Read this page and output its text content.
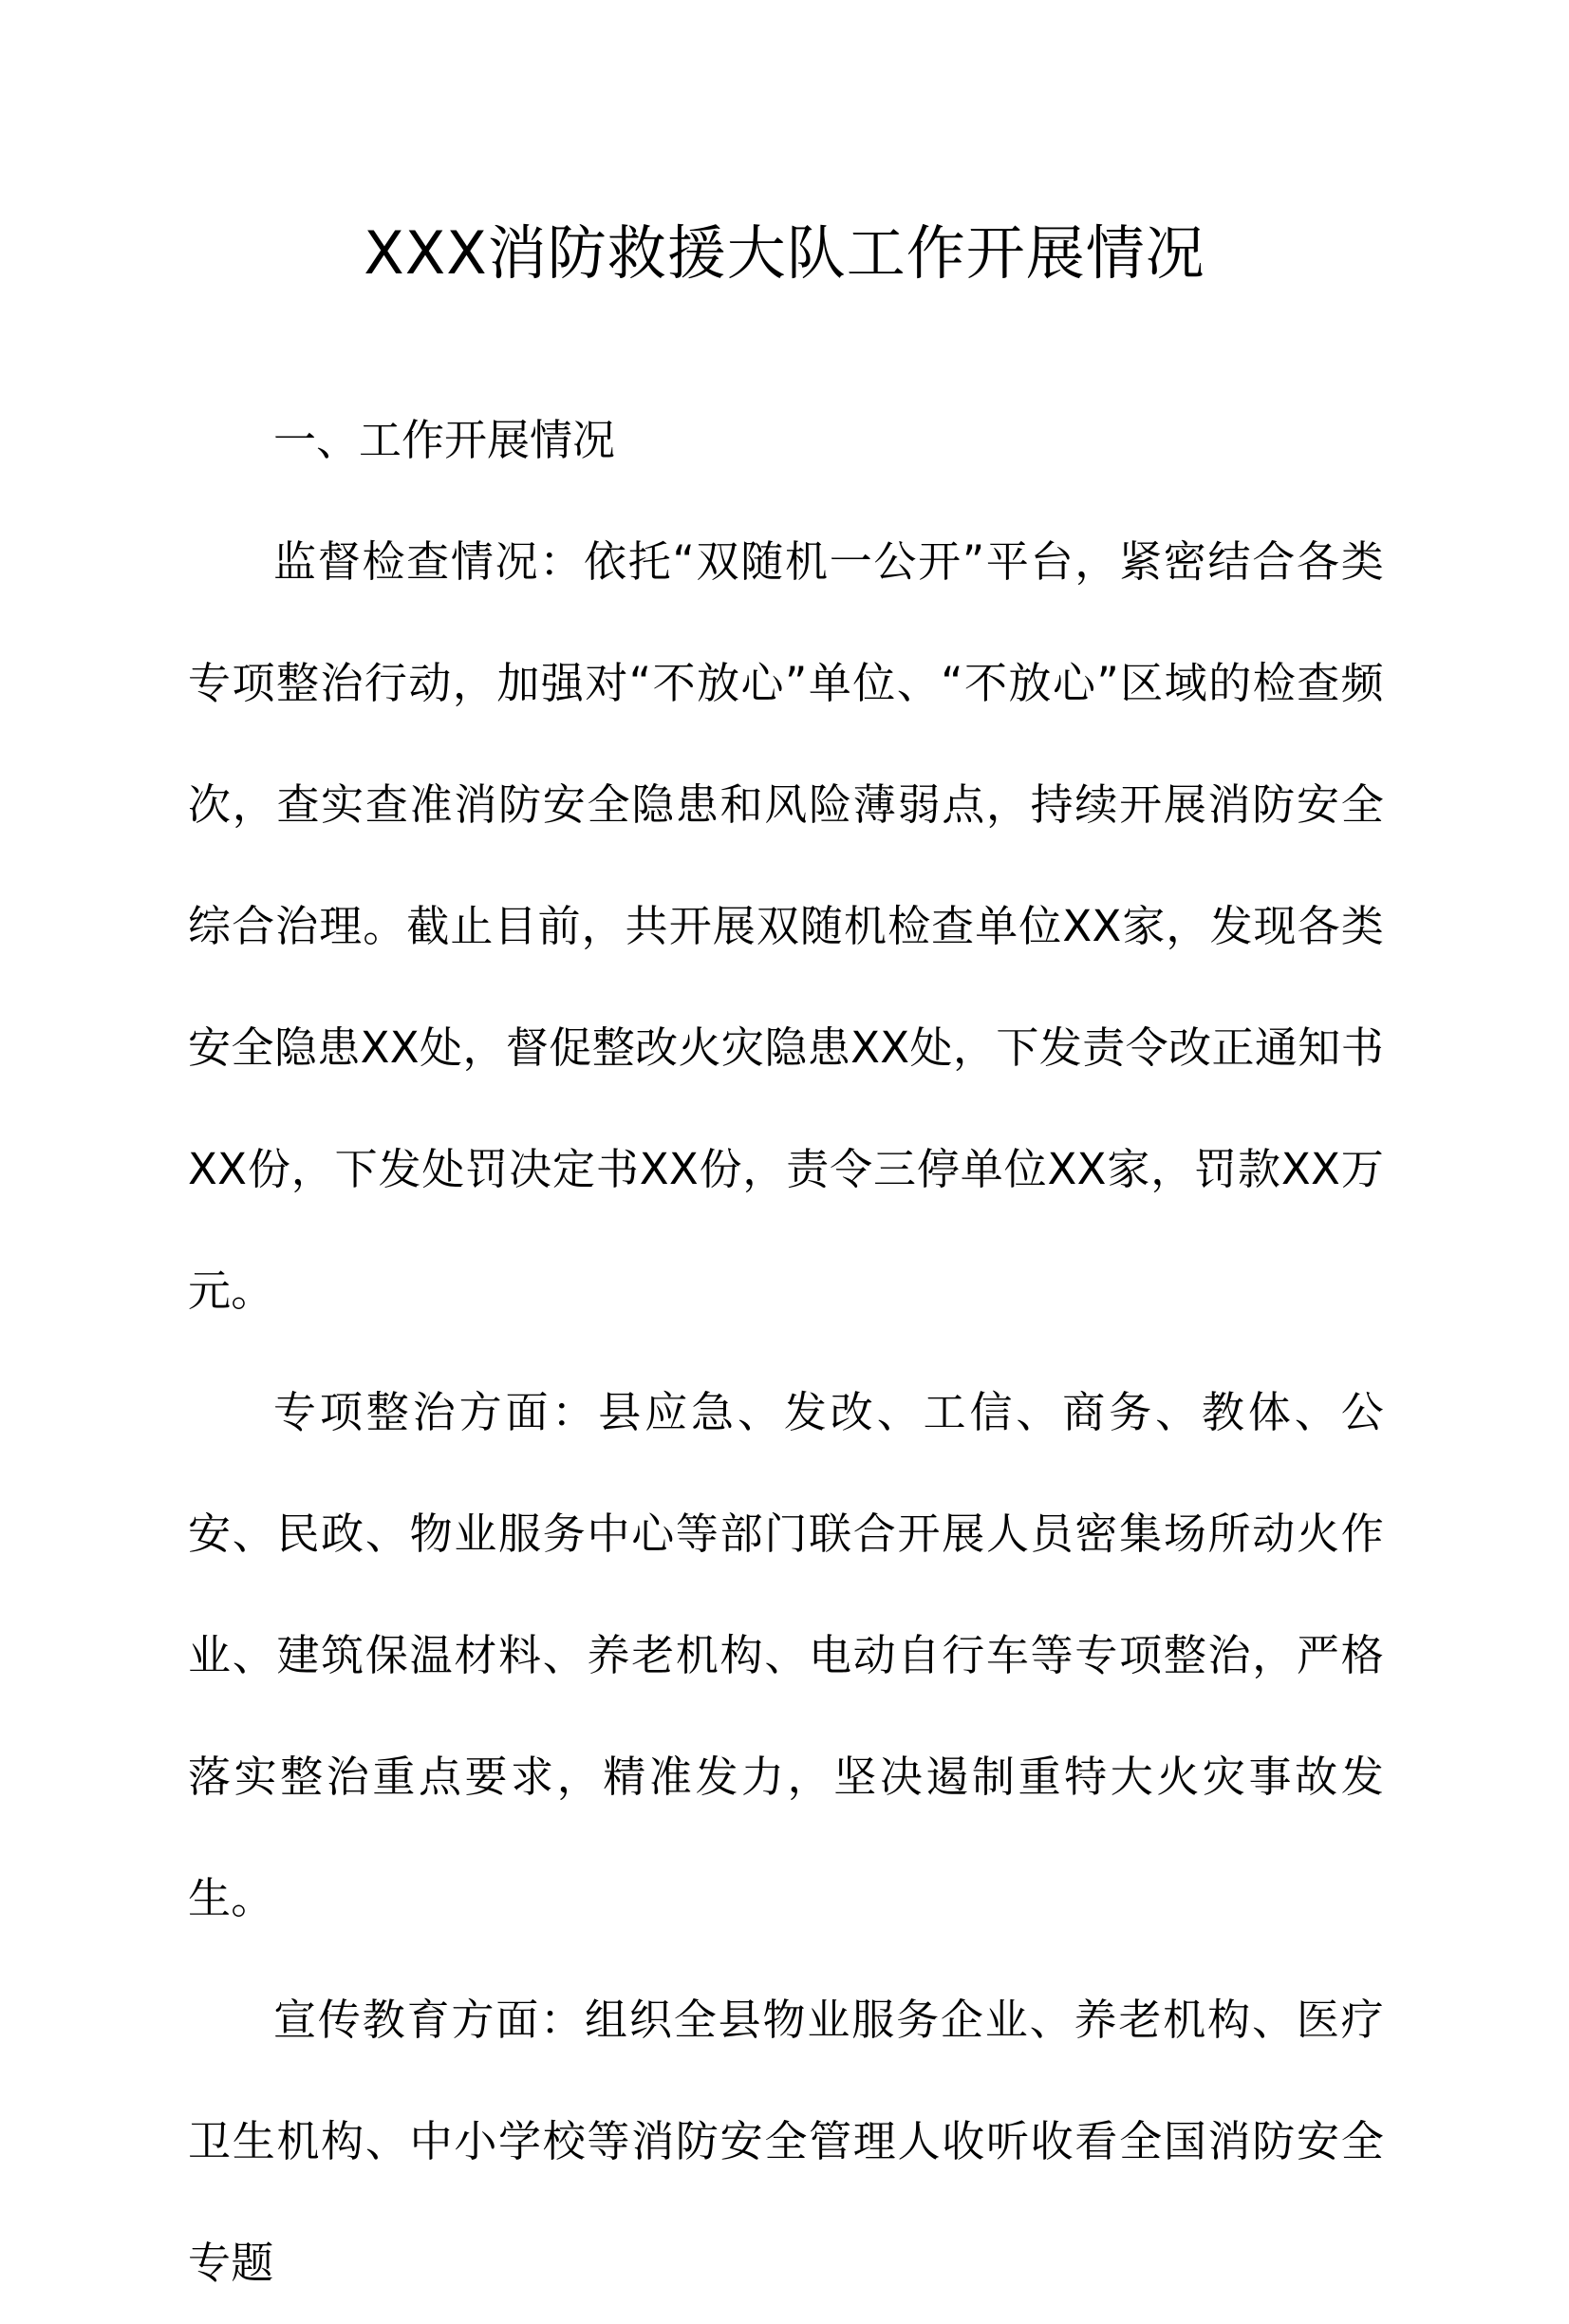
XXX消防救援大队工作开展情况
一、工作开展情况

监督检查情况：依托“双随机一公开”平台，紧密结合各类专项整治行动，加强对“不放心”单位、“不放心”区域的检查频次，查实查准消防安全隐患和风险薄弱点，持续开展消防安全综合治理。截止目前，共开展双随机检查单位XX家，发现各类安全隐患XX处，督促整改火灾隐患XX处，下发责令改正通知书XX份，下发处罚决定书XX份，责令三停单位XX家，罚款XX万元。

专项整治方面：县应急、发改、工信、商务、教体、公安、民政、物业服务中心等部门联合开展人员密集场所动火作业、建筑保温材料、养老机构、电动自行车等专项整治，严格落实整治重点要求，精准发力，坚决遏制重特大火灾事故发生。

宣传教育方面：组织全县物业服务企业、养老机构、医疗卫生机构、中小学校等消防安全管理人收听收看全国消防安全专题
